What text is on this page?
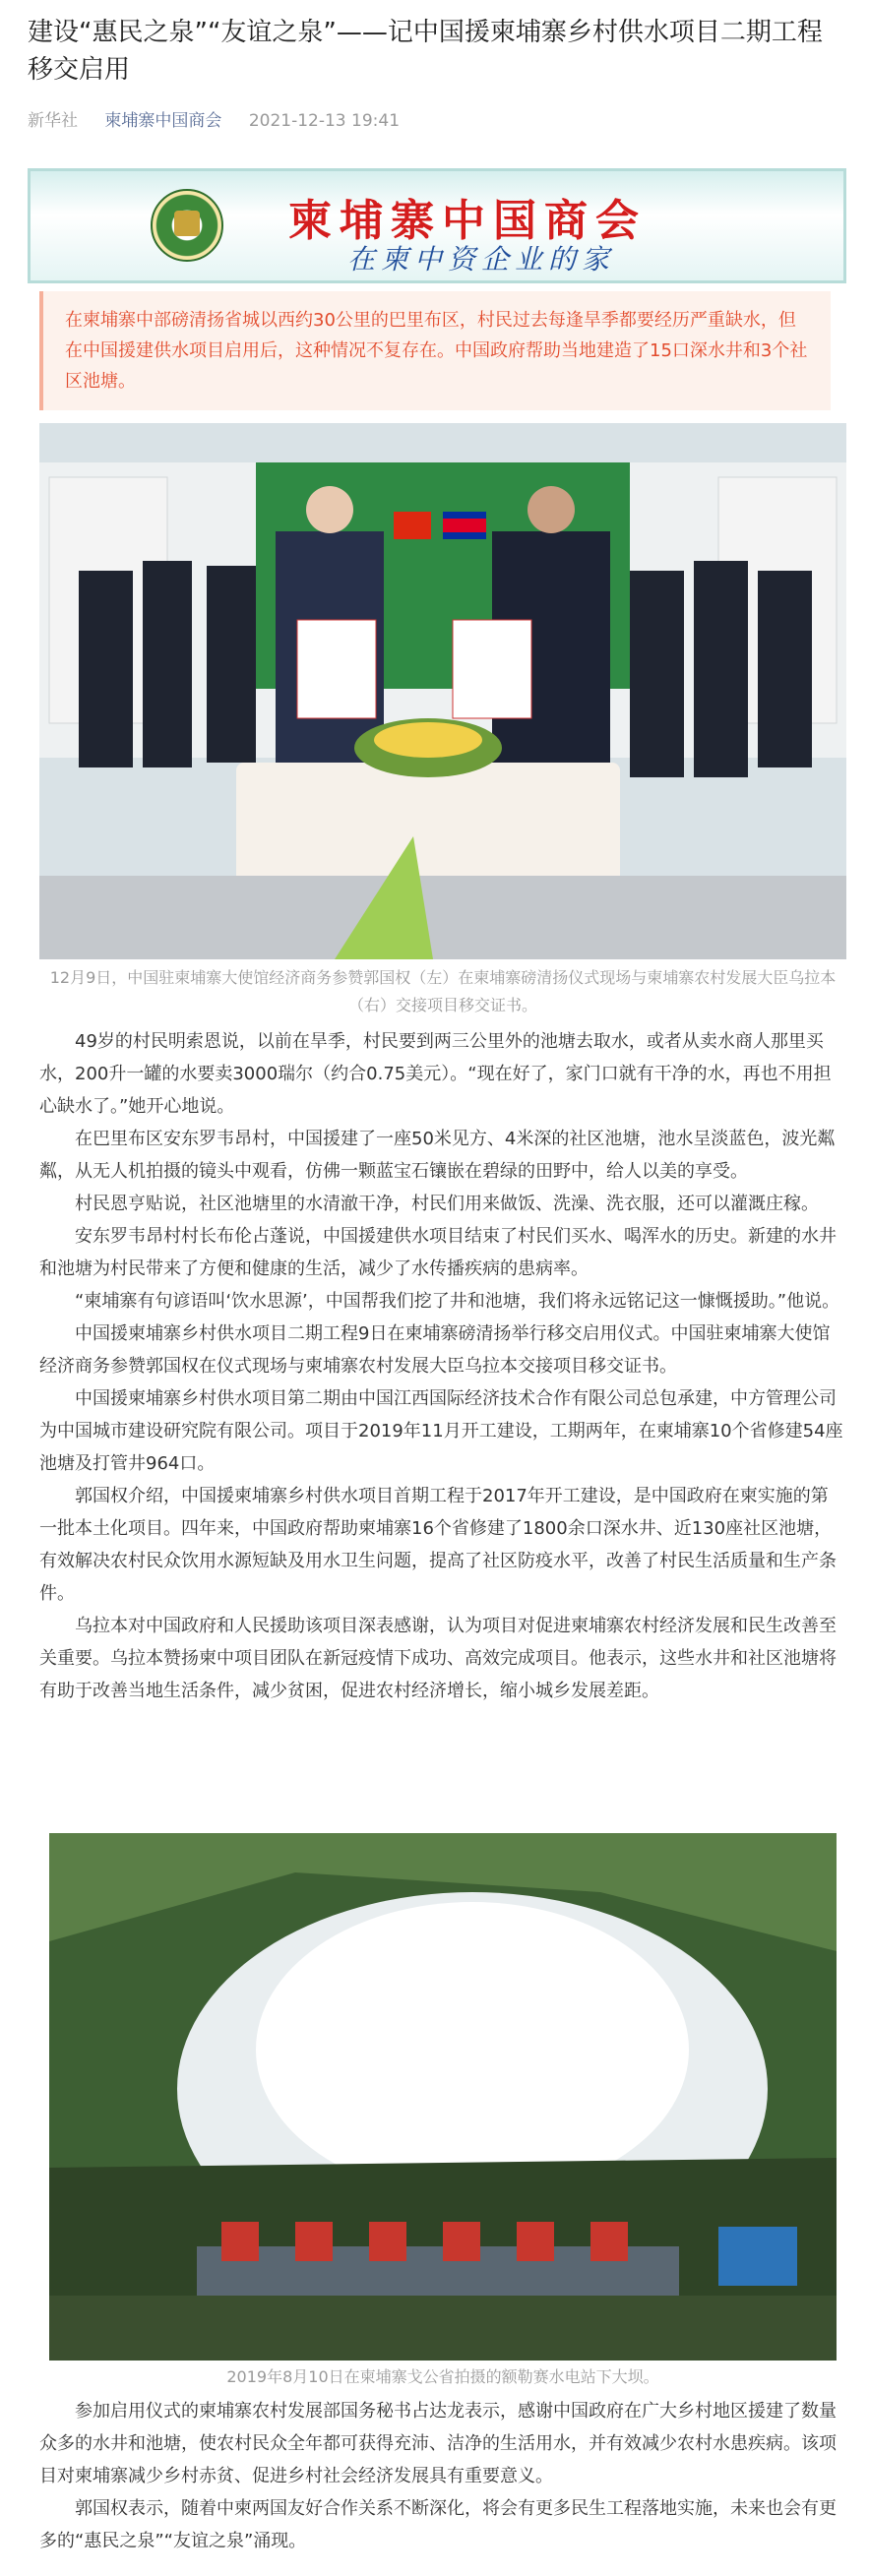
建设“惠民之泉”“友谊之泉”——记中国援柬埔寨乡村供水项目二期工程移交启用
新华社 柬埔寨中国商会 2021-12-13 19:41
柬埔寨中国商会
在柬中资企业的家
在柬埔寨中部磅清扬省城以西约30公里的巴里布区，村民过去每逢旱季都要经历严重缺水，但在中国援建供水项目启用后，这种情况不复存在。中国政府帮助当地建造了15口深水井和3个社区池塘。
12月9日，中国驻柬埔寨大使馆经济商务参赞郭国权（左）在柬埔寨磅清扬仪式现场与柬埔寨农村发展大臣乌拉本（右）交接项目移交证书。

49岁的村民明索恩说，以前在旱季，村民要到两三公里外的池塘去取水，或者从卖水商人那里买水，200升一罐的水要卖3000瑞尔（约合0.75美元）。“现在好了，家门口就有干净的水，再也不用担心缺水了。”她开心地说。

在巴里布区安东罗韦昂村，中国援建了一座50米见方、4米深的社区池塘，池水呈淡蓝色，波光粼粼，从无人机拍摄的镜头中观看，仿佛一颗蓝宝石镶嵌在碧绿的田野中，给人以美的享受。

村民恩亨贴说，社区池塘里的水清澈干净，村民们用来做饭、洗澡、洗衣服，还可以灌溉庄稼。

安东罗韦昂村村长布伦占蓬说，中国援建供水项目结束了村民们买水、喝浑水的历史。新建的水井和池塘为村民带来了方便和健康的生活，减少了水传播疾病的患病率。

“柬埔寨有句谚语叫‘饮水思源’，中国帮我们挖了井和池塘，我们将永远铭记这一慷慨援助。”他说。

中国援柬埔寨乡村供水项目二期工程9日在柬埔寨磅清扬举行移交启用仪式。中国驻柬埔寨大使馆经济商务参赞郭国权在仪式现场与柬埔寨农村发展大臣乌拉本交接项目移交证书。

中国援柬埔寨乡村供水项目第二期由中国江西国际经济技术合作有限公司总包承建，中方管理公司为中国城市建设研究院有限公司。项目于2019年11月开工建设，工期两年，在柬埔寨10个省修建54座池塘及打管井964口。

郭国权介绍，中国援柬埔寨乡村供水项目首期工程于2017年开工建设，是中国政府在柬实施的第一批本土化项目。四年来，中国政府帮助柬埔寨16个省修建了1800余口深水井、近130座社区池塘，有效解决农村民众饮用水源短缺及用水卫生问题，提高了社区防疫水平，改善了村民生活质量和生产条件。

乌拉本对中国政府和人民援助该项目深表感谢，认为项目对促进柬埔寨农村经济发展和民生改善至关重要。乌拉本赞扬柬中项目团队在新冠疫情下成功、高效完成项目。他表示，这些水井和社区池塘将有助于改善当地生活条件，减少贫困，促进农村经济增长，缩小城乡发展差距。

2019年8月10日在柬埔寨戈公省拍摄的额勒赛水电站下大坝。

参加启用仪式的柬埔寨农村发展部国务秘书占达龙表示，感谢中国政府在广大乡村地区援建了数量众多的水井和池塘，使农村民众全年都可获得充沛、洁净的生活用水，并有效减少农村水患疾病。该项目对柬埔寨减少乡村赤贫、促进乡村社会经济发展具有重要意义。

郭国权表示，随着中柬两国友好合作关系不断深化，将会有更多民生工程落地实施，未来也会有更多的“惠民之泉”“友谊之泉”涌现。
